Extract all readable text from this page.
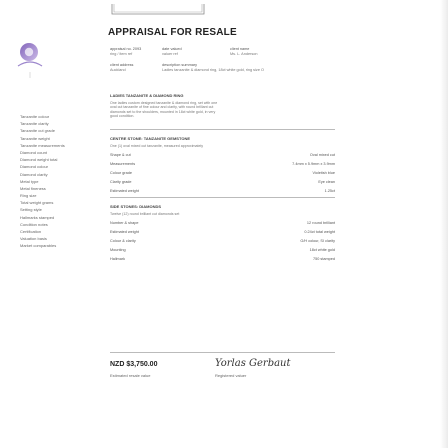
APPRAISAL FOR RESALE
Tanzanite colour
Tanzanite clarity
Tanzanite cut grade
Tanzanite weight
Tanzanite measurements
Diamond count
Diamond weight total
Diamond colour
Diamond clarity
Metal type
Metal fineness
Ring size
Total weight grams
Setting style
Hallmarks stamped
Condition notes
Certification
Valuation basis
Market comparables
appraisal no. 2093
ring / item ref
date valued
valuer ref
client name
Ms. L. Anderson
client address
Auckland
description summary
Ladies tanzanite & diamond ring, 18ct white gold, ring size O
LADIES TANZANITE & DIAMOND RING
One ladies custom designed tanzanite & diamond ring, set with one
oval cut tanzanite of fine colour and clarity, with round brilliant cut
diamonds set to the shoulders, mounted in 18ct white gold, in very
good condition.
CENTRE STONE: TANZANITE GEMSTONE
One (1) oval mixed cut tanzanite, measured approximately
Shape & cut
Measurements
Colour grade
Clarity grade
Estimated weight
Oval mixed cut
7.4mm x 5.9mm x 3.9mm
Violetish blue
Eye clean
1.25ct
SIDE STONES: DIAMONDS
Twelve (12) round brilliant cut diamonds set
Number & shape
Estimated weight
Colour & clarity
Mounting
Hallmark
12 round brilliant
0.24ct total weight
G/H colour, SI clarity
18ct white gold
750 stamped
NZD $3,750.00
Estimated resale value
Yorlas Gerbaut
Registered valuer
